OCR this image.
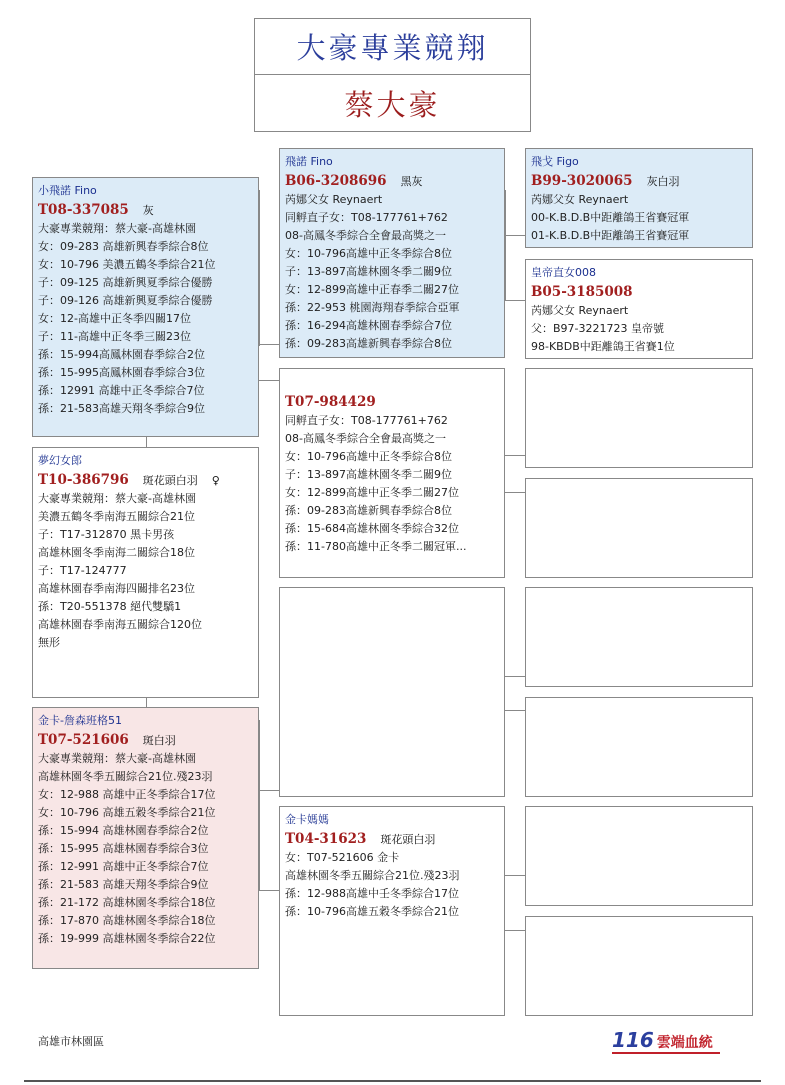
大豪專業競翔
蔡大豪
小飛諾 Fino
T08-337085 灰
大豪專業競翔：蔡大豪-高雄林園
女：09-283 高雄新興春季綜合8位
女：10-796 美濃五鶴冬季綜合21位
子：09-125 高雄新興夏季綜合優勝
子：09-126 高雄新興夏季綜合優勝
女：12-高雄中正冬季四關17位
子：11-高雄中正冬季三關23位
孫：15-994高鳳林園春季綜合2位
孫：15-995高鳳林園春季綜合3位
孫：12991 高雄中正冬季綜合7位
孫：21-583高雄天翔冬季綜合9位
夢幻女郎
T10-386796 斑花頭白羽 ♀
大豪專業競翔：蔡大豪-高雄林園
美濃五鶴冬季南海五關綜合21位
子：T17-312870 黑卡男孩
高雄林園冬季南海二關綜合18位
子：T17-124777
高雄林園春季南海四關排名23位
孫：T20-551378 絕代雙驕1
高雄林園春季南海五關綜合120位
無形
金卡-詹森班格51
T07-521606 斑白羽
大豪專業競翔：蔡大豪-高雄林園
高雄林園冬季五關綜合21位.殘23羽
女：12-988 高雄中正冬季綜合17位
女：10-796 高雄五穀冬季綜合21位
孫：15-994 高雄林園春季綜合2位
孫：15-995 高雄林園春季綜合3位
孫：12-991 高雄中正冬季綜合7位
孫：21-583 高雄天翔冬季綜合9位
孫：21-172 高雄林園冬季綜合18位
孫：17-870 高雄林園冬季綜合18位
孫：19-999 高雄林園冬季綜合22位
飛諾 Fino
B06-3208696 黑灰
芮娜父女 Reynaert
同孵直子女：T08-177761+762
08-高鳳冬季綜合全會最高獎之一
女：10-796高雄中正冬季綜合8位
子：13-897高雄林園冬季二關9位
女：12-899高雄中正春季二關27位
孫：22-953 桃園海翔春季綜合亞軍
孫：16-294高雄林園春季綜合7位
孫：09-283高雄新興春季綜合8位
T07-984429
同孵直子女：T08-177761+762
08-高鳳冬季綜合全會最高獎之一
女：10-796高雄中正冬季綜合8位
子：13-897高雄林園冬季二關9位
女：12-899高雄中正冬季二關27位
孫：09-283高雄新興春季綜合8位
孫：15-684高雄林園冬季綜合32位
孫：11-780高雄中正冬季二關冠軍...
金卡媽媽
T04-31623 斑花頭白羽
女：T07-521606 金卡
高雄林園冬季五關綜合21位.殘23羽
孫：12-988高雄中壬冬季綜合17位
孫：10-796高雄五穀冬季綜合21位
飛戈 Figo
B99-3020065 灰白羽
芮娜父女 Reynaert
00-K.B.D.B中距離鴿王省賽冠軍
01-K.B.D.B中距離鴿王省賽冠軍
皇帝直女008
B05-3185008
芮娜父女 Reynaert
父：B97-3221723 皇帝號
98-KBDB中距離鴿王省賽1位
高雄市林園區	116 雲端血統
